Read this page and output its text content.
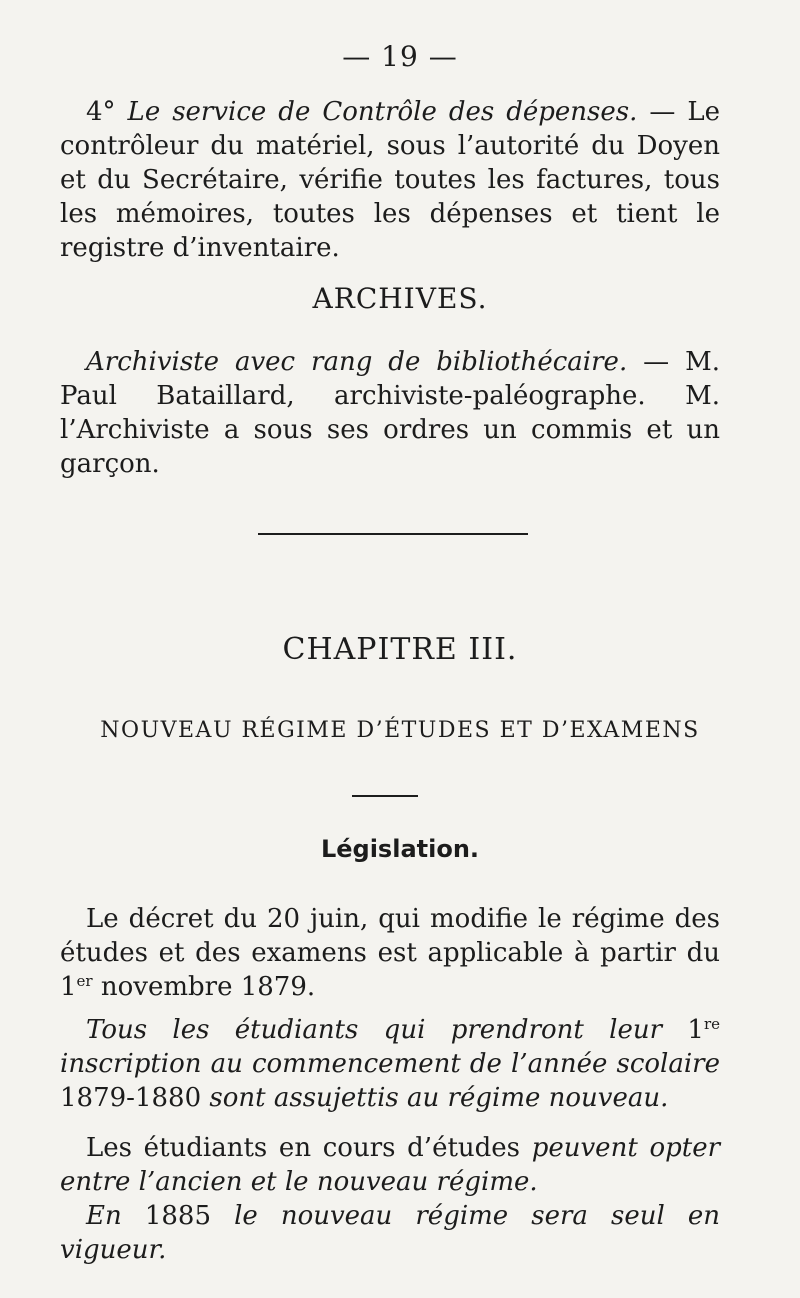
— 19 —
4° Le service de Contrôle des dépenses. — Le contrôleur du matériel, sous l’autorité du Doyen et du Secrétaire, vérifie toutes les factures, tous les mémoires, toutes les dépenses et tient le registre d’inventaire.
ARCHIVES.
Archiviste avec rang de bibliothécaire. — M. Paul Bataillard, archiviste-paléographe. M. l’Archiviste a sous ses ordres un commis et un garçon.
CHAPITRE III.
NOUVEAU RÉGIME D’ÉTUDES ET D’EXAMENS
Législation.
Le décret du 20 juin, qui modifie le régime des études et des examens est applicable à partir du 1er novembre 1879.
Tous les étudiants qui prendront leur 1re inscription au commencement de l’année scolaire 1879-1880 sont assujettis au régime nouveau.
Les étudiants en cours d’études peuvent opter entre l’ancien et le nouveau régime.
En 1885 le nouveau régime sera seul en vigueur.
